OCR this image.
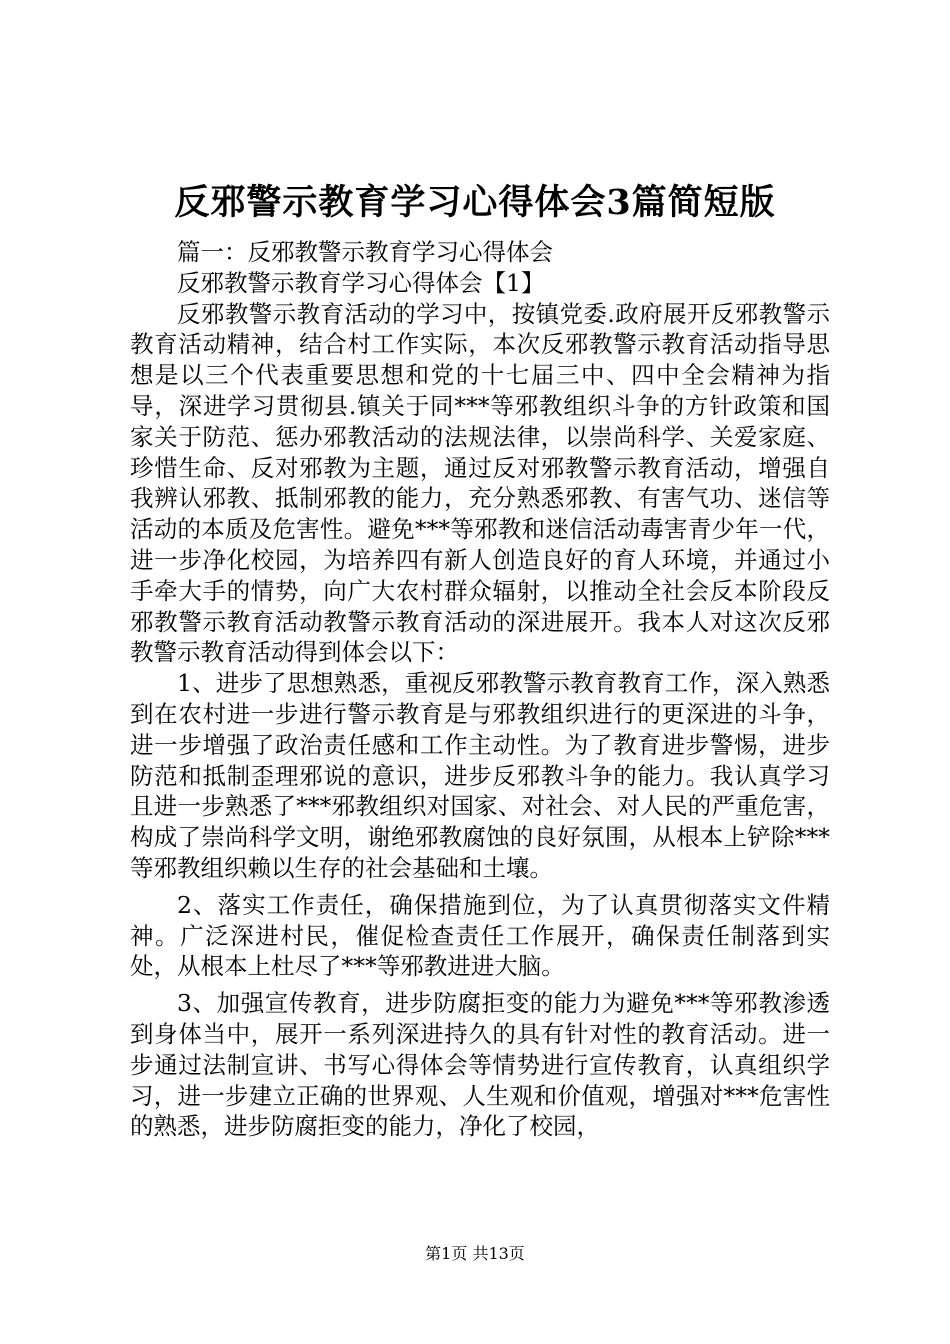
反邪警示教育学习心得体会3篇简短版

篇一：反邪教警示教育学习心得体会

反邪教警示教育学习心得体会【1】

反邪教警示教育活动的学习中，按镇党委.政府展开反邪教警示教育活动精神，结合村工作实际，本次反邪教警示教育活动指导思想是以三个代表重要思想和党的十七届三中、四中全会精神为指导，深进学习贯彻县.镇关于同***等邪教组织斗争的方针政策和国家关于防范、惩办邪教活动的法规法律，以崇尚科学、关爱家庭、珍惜生命、反对邪教为主题，通过反对邪教警示教育活动，增强自我辨认邪教、抵制邪教的能力，充分熟悉邪教、有害气功、迷信等活动的本质及危害性。避免***等邪教和迷信活动毒害青少年一代，进一步净化校园，为培养四有新人创造良好的育人环境，并通过小手牵大手的情势，向广大农村群众辐射，以推动全社会反本阶段反邪教警示教育活动教警示教育活动的深进展开。我本人对这次反邪教警示教育活动得到体会以下：

1、进步了思想熟悉，重视反邪教警示教育教育工作，深入熟悉到在农村进一步进行警示教育是与邪教组织进行的更深进的斗争，进一步增强了政治责任感和工作主动性。为了教育进步警惕，进步防范和抵制歪理邪说的意识，进步反邪教斗争的能力。我认真学习且进一步熟悉了***邪教组织对国家、对社会、对人民的严重危害，构成了崇尚科学文明，谢绝邪教腐蚀的良好氛围，从根本上铲除***等邪教组织赖以生存的社会基础和土壤。

2、落实工作责任，确保措施到位，为了认真贯彻落实文件精神。广泛深进村民，催促检查责任工作展开，确保责任制落到实处，从根本上杜尽了***等邪教进进大脑。

3、加强宣传教育，进步防腐拒变的能力为避免***等邪教渗透到身体当中，展开一系列深进持久的具有针对性的教育活动。进一步通过法制宣讲、书写心得体会等情势进行宣传教育，认真组织学习，进一步建立正确的世界观、人生观和价值观，增强对***危害性的熟悉，进步防腐拒变的能力，净化了校园，

第1页 共13页
